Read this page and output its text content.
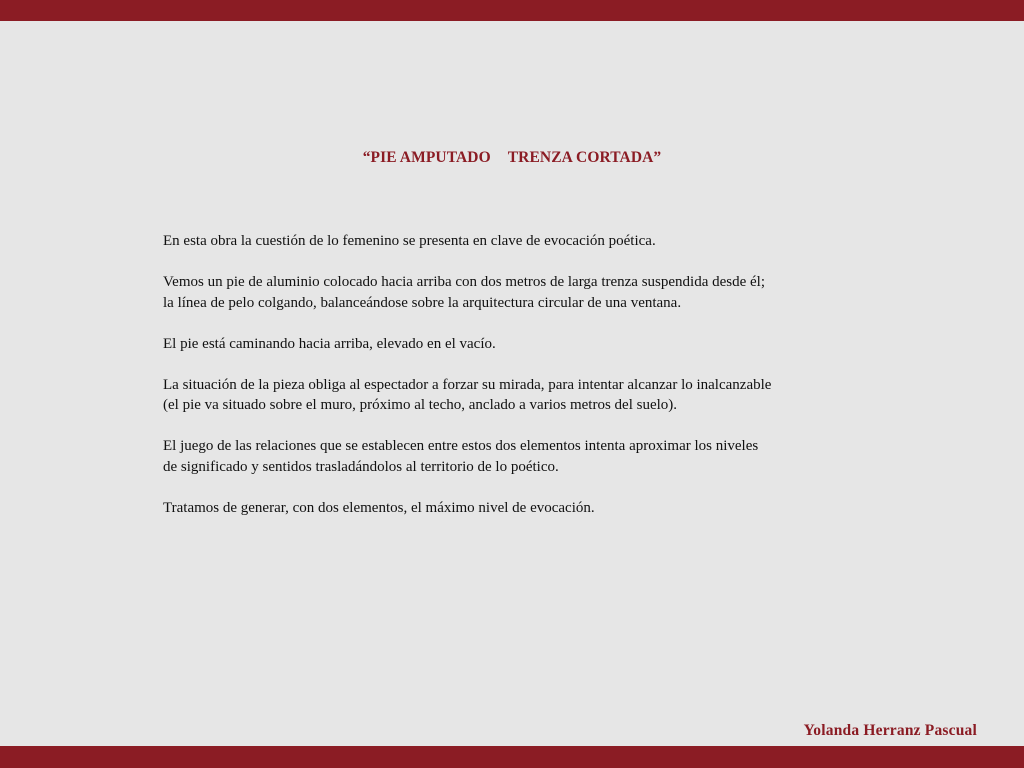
“PIE AMPUTADO TRENZA CORTADA”

En esta obra la cuestión de lo femenino se presenta en clave de evocación poética.

Vemos un pie de aluminio colocado hacia arriba con dos metros de larga trenza suspendida desde él;
la línea de pelo colgando, balanceándose sobre la arquitectura circular de una ventana.

El pie está caminando hacia arriba, elevado en el vacío.

La situación de la pieza obliga al espectador a forzar su mirada, para intentar alcanzar lo inalcanzable
(el pie va situado sobre el muro, próximo al techo, anclado a varios metros del suelo).

El juego de las relaciones que se establecen entre estos dos elementos intenta aproximar los niveles
de significado y sentidos trasladándolos al territorio de lo poético.

Tratamos de generar, con dos elementos, el máximo nivel de evocación.

Yolanda Herranz Pascual
